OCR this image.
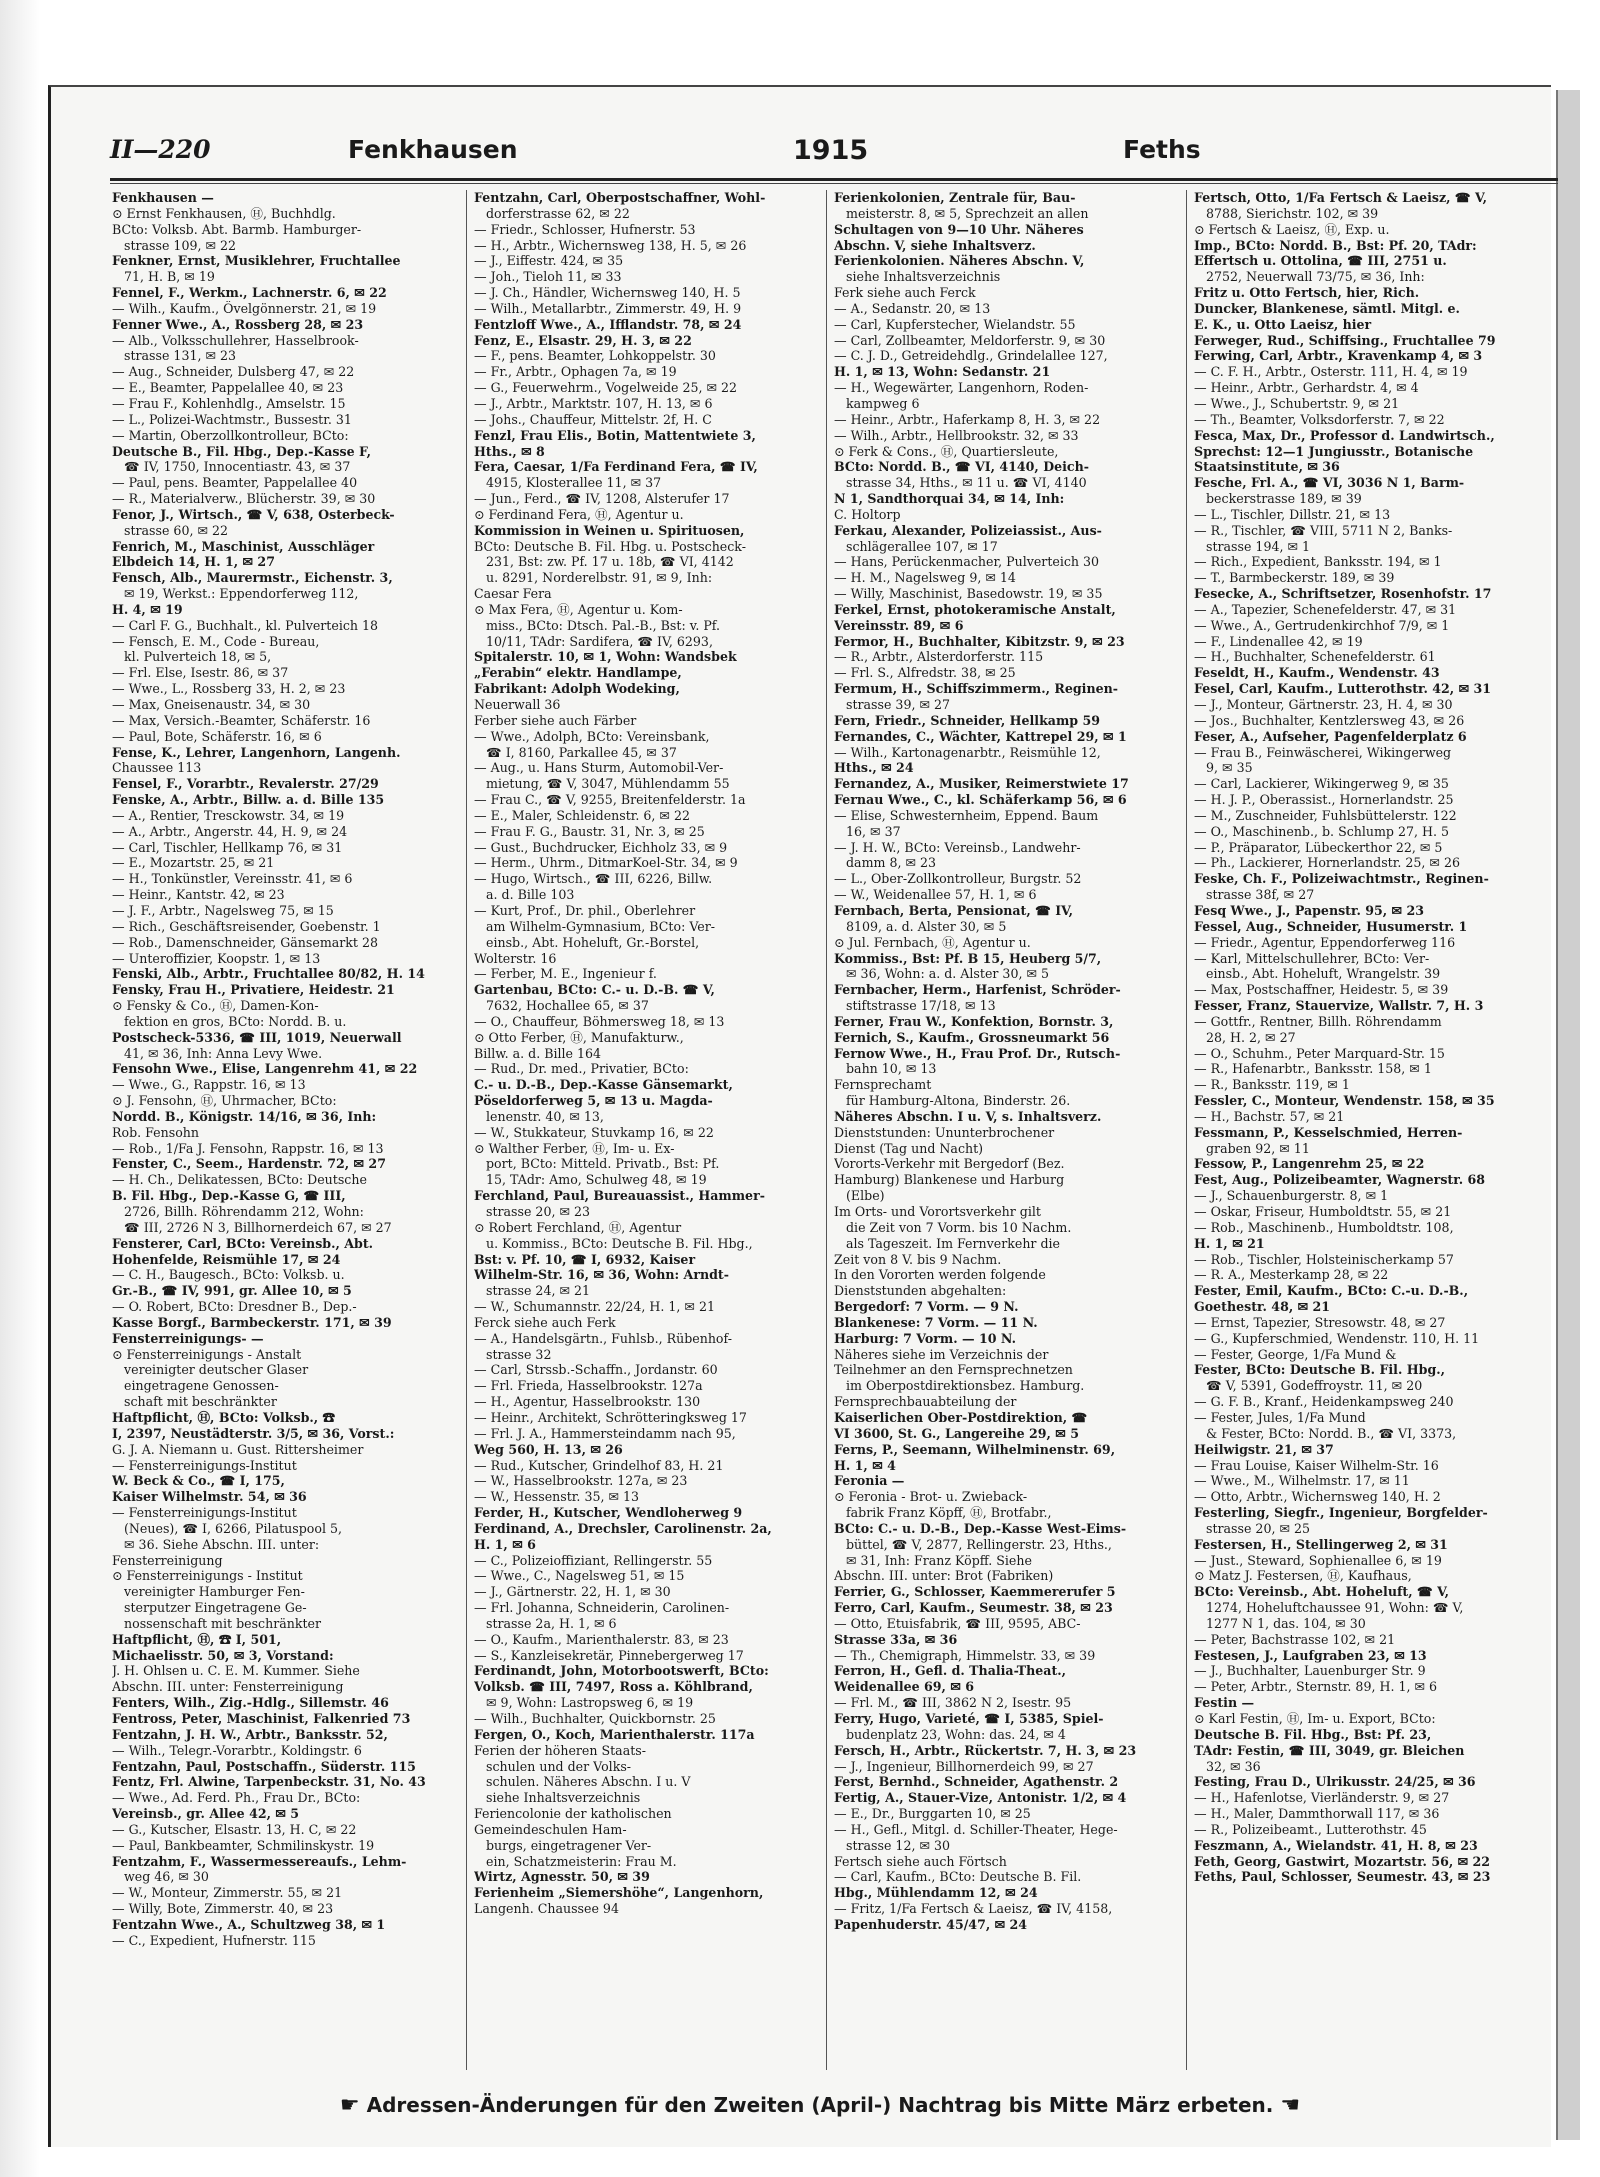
II—220	Fenkhausen	1915	Feths
Fenkhausen —
⊙ Ernst Fenkhausen, Ⓗ, Buchhdlg.
BCto: Volksb. Abt. Barmb. Hamburger-
strasse 109, ✉ 22
Fenkner, Ernst, Musiklehrer, Fruchtallee
71, H. B, ✉ 19
Fennel, F., Werkm., Lachnerstr. 6, ✉ 22
— Wilh., Kaufm., Övelgönnerstr. 21, ✉ 19
Fenner Wwe., A., Rossberg 28, ✉ 23
— Alb., Volksschullehrer, Hasselbrook-
strasse 131, ✉ 23
— Aug., Schneider, Dulsberg 47, ✉ 22
— E., Beamter, Pappelallee 40, ✉ 23
— Frau F., Kohlenhdlg., Amselstr. 15
— L., Polizei-Wachtmstr., Bussestr. 31
— Martin, Oberzollkontrolleur, BCto:
Deutsche B., Fil. Hbg., Dep.-Kasse F,
☎ IV, 1750, Innocentiastr. 43, ✉ 37
— Paul, pens. Beamter, Pappelallee 40
— R., Materialverw., Blücherstr. 39, ✉ 30
Fenor, J., Wirtsch., ☎ V, 638, Osterbeck-
strasse 60, ✉ 22
Fenrich, M., Maschinist, Ausschläger
Elbdeich 14, H. 1, ✉ 27
Fensch, Alb., Maurermstr., Eichenstr. 3,
✉ 19, Werkst.: Eppendorferweg 112,
H. 4, ✉ 19
— Carl F. G., Buchhalt., kl. Pulverteich 18
— Fensch, E. M., Code - Bureau,
kl. Pulverteich 18, ✉ 5,
— Frl. Else, Isestr. 86, ✉ 37
— Wwe., L., Rossberg 33, H. 2, ✉ 23
— Max, Gneisenaustr. 34, ✉ 30
— Max, Versich.-Beamter, Schäferstr. 16
— Paul, Bote, Schäferstr. 16, ✉ 6
Fense, K., Lehrer, Langenhorn, Langenh.
Chaussee 113
Fensel, F., Vorarbtr., Revalerstr. 27/29
Fenske, A., Arbtr., Billw. a. d. Bille 135
— A., Rentier, Tresckowstr. 34, ✉ 19
— A., Arbtr., Angerstr. 44, H. 9, ✉ 24
— Carl, Tischler, Hellkamp 76, ✉ 31
— E., Mozartstr. 25, ✉ 21
— H., Tonkünstler, Vereinsstr. 41, ✉ 6
— Heinr., Kantstr. 42, ✉ 23
— J. F., Arbtr., Nagelsweg 75, ✉ 15
— Rich., Geschäftsreisender, Goebenstr. 1
— Rob., Damenschneider, Gänsemarkt 28
— Unteroffizier, Koopstr. 1, ✉ 13
Fenski, Alb., Arbtr., Fruchtallee 80/82, H. 14
Fensky, Frau H., Privatiere, Heidestr. 21
⊙ Fensky & Co., Ⓗ, Damen-Kon-
fektion en gros, BCto: Nordd. B. u.
Postscheck-5336, ☎ III, 1019, Neuerwall
41, ✉ 36, Inh: Anna Levy Wwe.
Fensohn Wwe., Elise, Langenrehm 41, ✉ 22
— Wwe., G., Rappstr. 16, ✉ 13
⊙ J. Fensohn, Ⓗ, Uhrmacher, BCto:
Nordd. B., Königstr. 14/16, ✉ 36, Inh:
Rob. Fensohn
— Rob., 1/Fa J. Fensohn, Rappstr. 16, ✉ 13
Fenster, C., Seem., Hardenstr. 72, ✉ 27
— H. Ch., Delikatessen, BCto: Deutsche
B. Fil. Hbg., Dep.-Kasse G, ☎ III,
2726, Billh. Röhrendamm 212, Wohn:
☎ III, 2726 N 3, Billhornerdeich 67, ✉ 27
Fensterer, Carl, BCto: Vereinsb., Abt.
Hohenfelde, Reismühle 17, ✉ 24
— C. H., Baugesch., BCto: Volksb. u.
Gr.-B., ☎ IV, 991, gr. Allee 10, ✉ 5
— O. Robert, BCto: Dresdner B., Dep.-
Kasse Borgf., Barmbeckerstr. 171, ✉ 39
Fensterreinigungs- —
⊙ Fensterreinigungs - Anstalt
vereinigter deutscher Glaser
eingetragene Genossen-
schaft mit beschränkter
Haftpflicht, Ⓗ, BCto: Volksb., ☎
I, 2397, Neustädterstr. 3/5, ✉ 36, Vorst.:
G. J. A. Niemann u. Gust. Rittersheimer
— Fensterreinigungs-Institut
W. Beck & Co., ☎ I, 175,
Kaiser Wilhelmstr. 54, ✉ 36
— Fensterreinigungs-Institut
(Neues), ☎ I, 6266, Pilatuspool 5,
✉ 36. Siehe Abschn. III. unter:
Fensterreinigung
⊙ Fensterreinigungs - Institut
vereinigter Hamburger Fen-
sterputzer Eingetragene Ge-
nossenschaft mit beschränkter
Haftpflicht, Ⓗ, ☎ I, 501,
Michaelisstr. 50, ✉ 3, Vorstand:
J. H. Ohlsen u. C. E. M. Kummer. Siehe
Abschn. III. unter: Fensterreinigung
Fenters, Wilh., Zig.-Hdlg., Sillemstr. 46
Fentross, Peter, Maschinist, Falkenried 73
Fentzahn, J. H. W., Arbtr., Banksstr. 52,
— Wilh., Telegr.-Vorarbtr., Koldingstr. 6
Fentzahn, Paul, Postschaffn., Süderstr. 115
Fentz, Frl. Alwine, Tarpenbeckstr. 31, No. 43
— Wwe., Ad. Ferd. Ph., Frau Dr., BCto:
Vereinsb., gr. Allee 42, ✉ 5
— G., Kutscher, Elsastr. 13, H. C, ✉ 22
— Paul, Bankbeamter, Schmilinskystr. 19
Fentzahm, F., Wassermessereaufs., Lehm-
weg 46, ✉ 30
— W., Monteur, Zimmerstr. 55, ✉ 21
— Willy, Bote, Zimmerstr. 40, ✉ 23
Fentzahn Wwe., A., Schultzweg 38, ✉ 1
— C., Expedient, Hufnerstr. 115
Fentzahn, Carl, Oberpostschaffner, Wohl-
dorferstrasse 62, ✉ 22
— Friedr., Schlosser, Hufnerstr. 53
— H., Arbtr., Wichernsweg 138, H. 5, ✉ 26
— J., Eiffestr. 424, ✉ 35
— Joh., Tieloh 11, ✉ 33
— J. Ch., Händler, Wichernsweg 140, H. 5
— Wilh., Metallarbtr., Zimmerstr. 49, H. 9
Fentzloff Wwe., A., Ifflandstr. 78, ✉ 24
Fenz, E., Elsastr. 29, H. 3, ✉ 22
— F., pens. Beamter, Lohkoppelstr. 30
— Fr., Arbtr., Ophagen 7a, ✉ 19
— G., Feuerwehrm., Vogelweide 25, ✉ 22
— J., Arbtr., Marktstr. 107, H. 13, ✉ 6
— Johs., Chauffeur, Mittelstr. 2f, H. C
Fenzl, Frau Elis., Botin, Mattentwiete 3,
Hths., ✉ 8
Fera, Caesar, 1/Fa Ferdinand Fera, ☎ IV,
4915, Klosterallee 11, ✉ 37
— Jun., Ferd., ☎ IV, 1208, Alsterufer 17
⊙ Ferdinand Fera, Ⓗ, Agentur u.
Kommission in Weinen u. Spirituosen,
BCto: Deutsche B. Fil. Hbg. u. Postscheck-
231, Bst: zw. Pf. 17 u. 18b, ☎ VI, 4142
u. 8291, Norderelbstr. 91, ✉ 9, Inh:
Caesar Fera
⊙ Max Fera, Ⓗ, Agentur u. Kom-
miss., BCto: Dtsch. Pal.-B., Bst: v. Pf.
10/11, TAdr: Sardifera, ☎ IV, 6293,
Spitalerstr. 10, ✉ 1, Wohn: Wandsbek
„Ferabin“ elektr. Handlampe,
Fabrikant: Adolph Wodeking,
Neuerwall 36
Ferber siehe auch Färber
— Wwe., Adolph, BCto: Vereinsbank,
☎ I, 8160, Parkallee 45, ✉ 37
— Aug., u. Hans Sturm, Automobil-Ver-
mietung, ☎ V, 3047, Mühlendamm 55
— Frau C., ☎ V, 9255, Breitenfelderstr. 1a
— E., Maler, Schleidenstr. 6, ✉ 22
— Frau F. G., Baustr. 31, Nr. 3, ✉ 25
— Gust., Buchdrucker, Eichholz 33, ✉ 9
— Herm., Uhrm., DitmarKoel-Str. 34, ✉ 9
— Hugo, Wirtsch., ☎ III, 6226, Billw.
a. d. Bille 103
— Kurt, Prof., Dr. phil., Oberlehrer
am Wilhelm-Gymnasium, BCto: Ver-
einsb., Abt. Hoheluft, Gr.-Borstel,
Wolterstr. 16
— Ferber, M. E., Ingenieur f.
Gartenbau, BCto: C.- u. D.-B. ☎ V,
7632, Hochallee 65, ✉ 37
— O., Chauffeur, Böhmersweg 18, ✉ 13
⊙ Otto Ferber, Ⓗ, Manufakturw.,
Billw. a. d. Bille 164
— Rud., Dr. med., Privatier, BCto:
C.- u. D.-B., Dep.-Kasse Gänsemarkt,
Pöseldorferweg 5, ✉ 13 u. Magda-
lenenstr. 40, ✉ 13,
— W., Stukkateur, Stuvkamp 16, ✉ 22
⊙ Walther Ferber, Ⓗ, Im- u. Ex-
port, BCto: Mitteld. Privatb., Bst: Pf.
15, TAdr: Amo, Schulweg 48, ✉ 19
Ferchland, Paul, Bureauassist., Hammer-
strasse 20, ✉ 23
⊙ Robert Ferchland, Ⓗ, Agentur
u. Kommiss., BCto: Deutsche B. Fil. Hbg.,
Bst: v. Pf. 10, ☎ I, 6932, Kaiser
Wilhelm-Str. 16, ✉ 36, Wohn: Arndt-
strasse 24, ✉ 21
— W., Schumannstr. 22/24, H. 1, ✉ 21
Ferck siehe auch Ferk
— A., Handelsgärtn., Fuhlsb., Rübenhof-
strasse 32
— Carl, Strssb.-Schaffn., Jordanstr. 60
— Frl. Frieda, Hasselbrookstr. 127a
— H., Agentur, Hasselbrookstr. 130
— Heinr., Architekt, Schrötteringksweg 17
— Frl. J. A., Hammersteindamm nach 95,
Weg 560, H. 13, ✉ 26
— Rud., Kutscher, Grindelhof 83, H. 21
— W., Hasselbrookstr. 127a, ✉ 23
— W., Hessenstr. 35, ✉ 13
Ferder, H., Kutscher, Wendloherweg 9
Ferdinand, A., Drechsler, Carolinenstr. 2a,
H. 1, ✉ 6
— C., Polizeioffiziant, Rellingerstr. 55
— Wwe., C., Nagelsweg 51, ✉ 15
— J., Gärtnerstr. 22, H. 1, ✉ 30
— Frl. Johanna, Schneiderin, Carolinen-
strasse 2a, H. 1, ✉ 6
— O., Kaufm., Marienthalerstr. 83, ✉ 23
— S., Kanzleisekretär, Pinnebergerweg 17
Ferdinandt, John, Motorbootswerft, BCto:
Volksb. ☎ III, 7497, Ross a. Köhlbrand,
✉ 9, Wohn: Lastropsweg 6, ✉ 19
— Wilh., Buchhalter, Quickbornstr. 25
Fergen, O., Koch, Marienthalerstr. 117a
Ferien der höheren Staats-
schulen und der Volks-
schulen. Näheres Abschn. I u. V
siehe Inhaltsverzeichnis
Feriencolonie der katholischen
Gemeindeschulen Ham-
burgs, eingetragener Ver-
ein, Schatzmeisterin: Frau M.
Wirtz, Agnesstr. 50, ✉ 39
Ferienheim „Siemershöhe“, Langenhorn,
Langenh. Chaussee 94
Ferienkolonien, Zentrale für, Bau-
meisterstr. 8, ✉ 5, Sprechzeit an allen
Schultagen von 9—10 Uhr. Näheres
Abschn. V, siehe Inhaltsverz.
Ferienkolonien. Näheres Abschn. V,
siehe Inhaltsverzeichnis
Ferk siehe auch Ferck
— A., Sedanstr. 20, ✉ 13
— Carl, Kupferstecher, Wielandstr. 55
— Carl, Zollbeamter, Meldorferstr. 9, ✉ 30
— C. J. D., Getreidehdlg., Grindelallee 127,
H. 1, ✉ 13, Wohn: Sedanstr. 21
— H., Wegewärter, Langenhorn, Roden-
kampweg 6
— Heinr., Arbtr., Haferkamp 8, H. 3, ✉ 22
— Wilh., Arbtr., Hellbrookstr. 32, ✉ 33
⊙ Ferk & Cons., Ⓗ, Quartiersleute,
BCto: Nordd. B., ☎ VI, 4140, Deich-
strasse 34, Hths., ✉ 11 u. ☎ VI, 4140
N 1, Sandthorquai 34, ✉ 14, Inh:
C. Holtorp
Ferkau, Alexander, Polizeiassist., Aus-
schlägerallee 107, ✉ 17
— Hans, Perückenmacher, Pulverteich 30
— H. M., Nagelsweg 9, ✉ 14
— Willy, Maschinist, Basedowstr. 19, ✉ 35
Ferkel, Ernst, photokeramische Anstalt,
Vereinsstr. 89, ✉ 6
Fermor, H., Buchhalter, Kibitzstr. 9, ✉ 23
— R., Arbtr., Alsterdorferstr. 115
— Frl. S., Alfredstr. 38, ✉ 25
Fermum, H., Schiffszimmerm., Reginen-
strasse 39, ✉ 27
Fern, Friedr., Schneider, Hellkamp 59
Fernandes, C., Wächter, Kattrepel 29, ✉ 1
— Wilh., Kartonagenarbtr., Reismühle 12,
Hths., ✉ 24
Fernandez, A., Musiker, Reimerstwiete 17
Fernau Wwe., C., kl. Schäferkamp 56, ✉ 6
— Elise, Schwesternheim, Eppend. Baum
16, ✉ 37
— J. H. W., BCto: Vereinsb., Landwehr-
damm 8, ✉ 23
— L., Ober-Zollkontrolleur, Burgstr. 52
— W., Weidenallee 57, H. 1, ✉ 6
Fernbach, Berta, Pensionat, ☎ IV,
8109, a. d. Alster 30, ✉ 5
⊙ Jul. Fernbach, Ⓗ, Agentur u.
Kommiss., Bst: Pf. B 15, Heuberg 5/7,
✉ 36, Wohn: a. d. Alster 30, ✉ 5
Fernbacher, Herm., Harfenist, Schröder-
stiftstrasse 17/18, ✉ 13
Ferner, Frau W., Konfektion, Bornstr. 3,
Fernich, S., Kaufm., Grossneumarkt 56
Fernow Wwe., H., Frau Prof. Dr., Rutsch-
bahn 10, ✉ 13
Fernsprechamt
für Hamburg-Altona, Binderstr. 26.
Näheres Abschn. I u. V, s. Inhaltsverz.
Dienststunden: Ununterbrochener
Dienst (Tag und Nacht)
Vororts-Verkehr mit Bergedorf (Bez.
Hamburg) Blankenese und Harburg
(Elbe)
Im Orts- und Vorortsverkehr gilt
die Zeit von 7 Vorm. bis 10 Nachm.
als Tageszeit. Im Fernverkehr die
Zeit von 8 V. bis 9 Nachm.
In den Vororten werden folgende
Dienststunden abgehalten:
Bergedorf: 7 Vorm. — 9 N.
Blankenese: 7 Vorm. — 11 N.
Harburg: 7 Vorm. — 10 N.
Näheres siehe im Verzeichnis der
Teilnehmer an den Fernsprechnetzen
im Oberpostdirektionsbez. Hamburg.
Fernsprechbauabteilung der
Kaiserlichen Ober-Postdirektion, ☎
VI 3600, St. G., Langereihe 29, ✉ 5
Ferns, P., Seemann, Wilhelminenstr. 69,
H. 1, ✉ 4
Feronia —
⊙ Feronia - Brot- u. Zwieback-
fabrik Franz Köpff, Ⓗ, Brotfabr.,
BCto: C.- u. D.-B., Dep.-Kasse West-Eims-
büttel, ☎ V, 2877, Rellingerstr. 23, Hths.,
✉ 31, Inh: Franz Köpff. Siehe
Abschn. III. unter: Brot (Fabriken)
Ferrier, G., Schlosser, Kaemmererufer 5
Ferro, Carl, Kaufm., Seumestr. 38, ✉ 23
— Otto, Etuisfabrik, ☎ III, 9595, ABC-
Strasse 33a, ✉ 36
— Th., Chemigraph, Himmelstr. 33, ✉ 39
Ferron, H., Gefl. d. Thalia-Theat.,
Weidenallee 69, ✉ 6
— Frl. M., ☎ III, 3862 N 2, Isestr. 95
Ferry, Hugo, Varieté, ☎ I, 5385, Spiel-
budenplatz 23, Wohn: das. 24, ✉ 4
Fersch, H., Arbtr., Rückertstr. 7, H. 3, ✉ 23
— J., Ingenieur, Billhornerdeich 99, ✉ 27
Ferst, Bernhd., Schneider, Agathenstr. 2
Fertig, A., Stauer-Vize, Antonistr. 1/2, ✉ 4
— E., Dr., Burggarten 10, ✉ 25
— H., Gefl., Mitgl. d. Schiller-Theater, Hege-
strasse 12, ✉ 30
Fertsch siehe auch Förtsch
— Carl, Kaufm., BCto: Deutsche B. Fil.
Hbg., Mühlendamm 12, ✉ 24
— Fritz, 1/Fa Fertsch & Laeisz, ☎ IV, 4158,
Papenhuderstr. 45/47, ✉ 24
Fertsch, Otto, 1/Fa Fertsch & Laeisz, ☎ V,
8788, Sierichstr. 102, ✉ 39
⊙ Fertsch & Laeisz, Ⓗ, Exp. u.
Imp., BCto: Nordd. B., Bst: Pf. 20, TAdr:
Effertsch u. Ottolina, ☎ III, 2751 u.
2752, Neuerwall 73/75, ✉ 36, Inh:
Fritz u. Otto Fertsch, hier, Rich.
Duncker, Blankenese, sämtl. Mitgl. e.
E. K., u. Otto Laeisz, hier
Ferweger, Rud., Schiffsing., Fruchtallee 79
Ferwing, Carl, Arbtr., Kravenkamp 4, ✉ 3
— C. F. H., Arbtr., Osterstr. 111, H. 4, ✉ 19
— Heinr., Arbtr., Gerhardstr. 4, ✉ 4
— Wwe., J., Schubertstr. 9, ✉ 21
— Th., Beamter, Volksdorferstr. 7, ✉ 22
Fesca, Max, Dr., Professor d. Landwirtsch.,
Sprechst: 12—1 Jungiusstr., Botanische
Staatsinstitute, ✉ 36
Fesche, Frl. A., ☎ VI, 3036 N 1, Barm-
beckerstrasse 189, ✉ 39
— L., Tischler, Dillstr. 21, ✉ 13
— R., Tischler, ☎ VIII, 5711 N 2, Banks-
strasse 194, ✉ 1
— Rich., Expedient, Banksstr. 194, ✉ 1
— T., Barmbeckerstr. 189, ✉ 39
Fesecke, A., Schriftsetzer, Rosenhofstr. 17
— A., Tapezier, Schenefelderstr. 47, ✉ 31
— Wwe., A., Gertrudenkirchhof 7/9, ✉ 1
— F., Lindenallee 42, ✉ 19
— H., Buchhalter, Schenefelderstr. 61
Feseldt, H., Kaufm., Wendenstr. 43
Fesel, Carl, Kaufm., Lutterothstr. 42, ✉ 31
— J., Monteur, Gärtnerstr. 23, H. 4, ✉ 30
— Jos., Buchhalter, Kentzlersweg 43, ✉ 26
Feser, A., Aufseher, Pagenfelderplatz 6
— Frau B., Feinwäscherei, Wikingerweg
9, ✉ 35
— Carl, Lackierer, Wikingerweg 9, ✉ 35
— H. J. P., Oberassist., Hornerlandstr. 25
— M., Zuschneider, Fuhlsbüttelerstr. 122
— O., Maschinenb., b. Schlump 27, H. 5
— P., Präparator, Lübeckerthor 22, ✉ 5
— Ph., Lackierer, Hornerlandstr. 25, ✉ 26
Feske, Ch. F., Polizeiwachtmstr., Reginen-
strasse 38f, ✉ 27
Fesq Wwe., J., Papenstr. 95, ✉ 23
Fessel, Aug., Schneider, Husumerstr. 1
— Friedr., Agentur, Eppendorferweg 116
— Karl, Mittelschullehrer, BCto: Ver-
einsb., Abt. Hoheluft, Wrangelstr. 39
— Max, Postschaffner, Heidestr. 5, ✉ 39
Fesser, Franz, Stauervize, Wallstr. 7, H. 3
— Gottfr., Rentner, Billh. Röhrendamm
28, H. 2, ✉ 27
— O., Schuhm., Peter Marquard-Str. 15
— R., Hafenarbtr., Banksstr. 158, ✉ 1
— R., Banksstr. 119, ✉ 1
Fessler, C., Monteur, Wendenstr. 158, ✉ 35
— H., Bachstr. 57, ✉ 21
Fessmann, P., Kesselschmied, Herren-
graben 92, ✉ 11
Fessow, P., Langenrehm 25, ✉ 22
Fest, Aug., Polizeibeamter, Wagnerstr. 68
— J., Schauenburgerstr. 8, ✉ 1
— Oskar, Friseur, Humboldtstr. 55, ✉ 21
— Rob., Maschinenb., Humboldtstr. 108,
H. 1, ✉ 21
— Rob., Tischler, Holsteinischerkamp 57
— R. A., Mesterkamp 28, ✉ 22
Fester, Emil, Kaufm., BCto: C.-u. D.-B.,
Goethestr. 48, ✉ 21
— Ernst, Tapezier, Stresowstr. 48, ✉ 27
— G., Kupferschmied, Wendenstr. 110, H. 11
— Fester, George, 1/Fa Mund &
Fester, BCto: Deutsche B. Fil. Hbg.,
☎ V, 5391, Godeffroystr. 11, ✉ 20
— G. F. B., Kranf., Heidenkampsweg 240
— Fester, Jules, 1/Fa Mund
& Fester, BCto: Nordd. B., ☎ VI, 3373,
Heilwigstr. 21, ✉ 37
— Frau Louise, Kaiser Wilhelm-Str. 16
— Wwe., M., Wilhelmstr. 17, ✉ 11
— Otto, Arbtr., Wichernsweg 140, H. 2
Festerling, Siegfr., Ingenieur, Borgfelder-
strasse 20, ✉ 25
Festersen, H., Stellingerweg 2, ✉ 31
— Just., Steward, Sophienallee 6, ✉ 19
⊙ Matz J. Festersen, Ⓗ, Kaufhaus,
BCto: Vereinsb., Abt. Hoheluft, ☎ V,
1274, Hoheluftchaussee 91, Wohn: ☎ V,
1277 N 1, das. 104, ✉ 30
— Peter, Bachstrasse 102, ✉ 21
Festesen, J., Laufgraben 23, ✉ 13
— J., Buchhalter, Lauenburger Str. 9
— Peter, Arbtr., Sternstr. 89, H. 1, ✉ 6
Festin —
⊙ Karl Festin, Ⓗ, Im- u. Export, BCto:
Deutsche B. Fil. Hbg., Bst: Pf. 23,
TAdr: Festin, ☎ III, 3049, gr. Bleichen
32, ✉ 36
Festing, Frau D., Ulrikusstr. 24/25, ✉ 36
— H., Hafenlotse, Vierländerstr. 9, ✉ 27
— H., Maler, Dammthorwall 117, ✉ 36
— R., Polizeibeamt., Lutterothstr. 45
Feszmann, A., Wielandstr. 41, H. 8, ✉ 23
Feth, Georg, Gastwirt, Mozartstr. 56, ✉ 22
Feths, Paul, Schlosser, Seumestr. 43, ✉ 23
☛ Adressen-Änderungen für den Zweiten (April-) Nachtrag bis Mitte März erbeten. ☚
